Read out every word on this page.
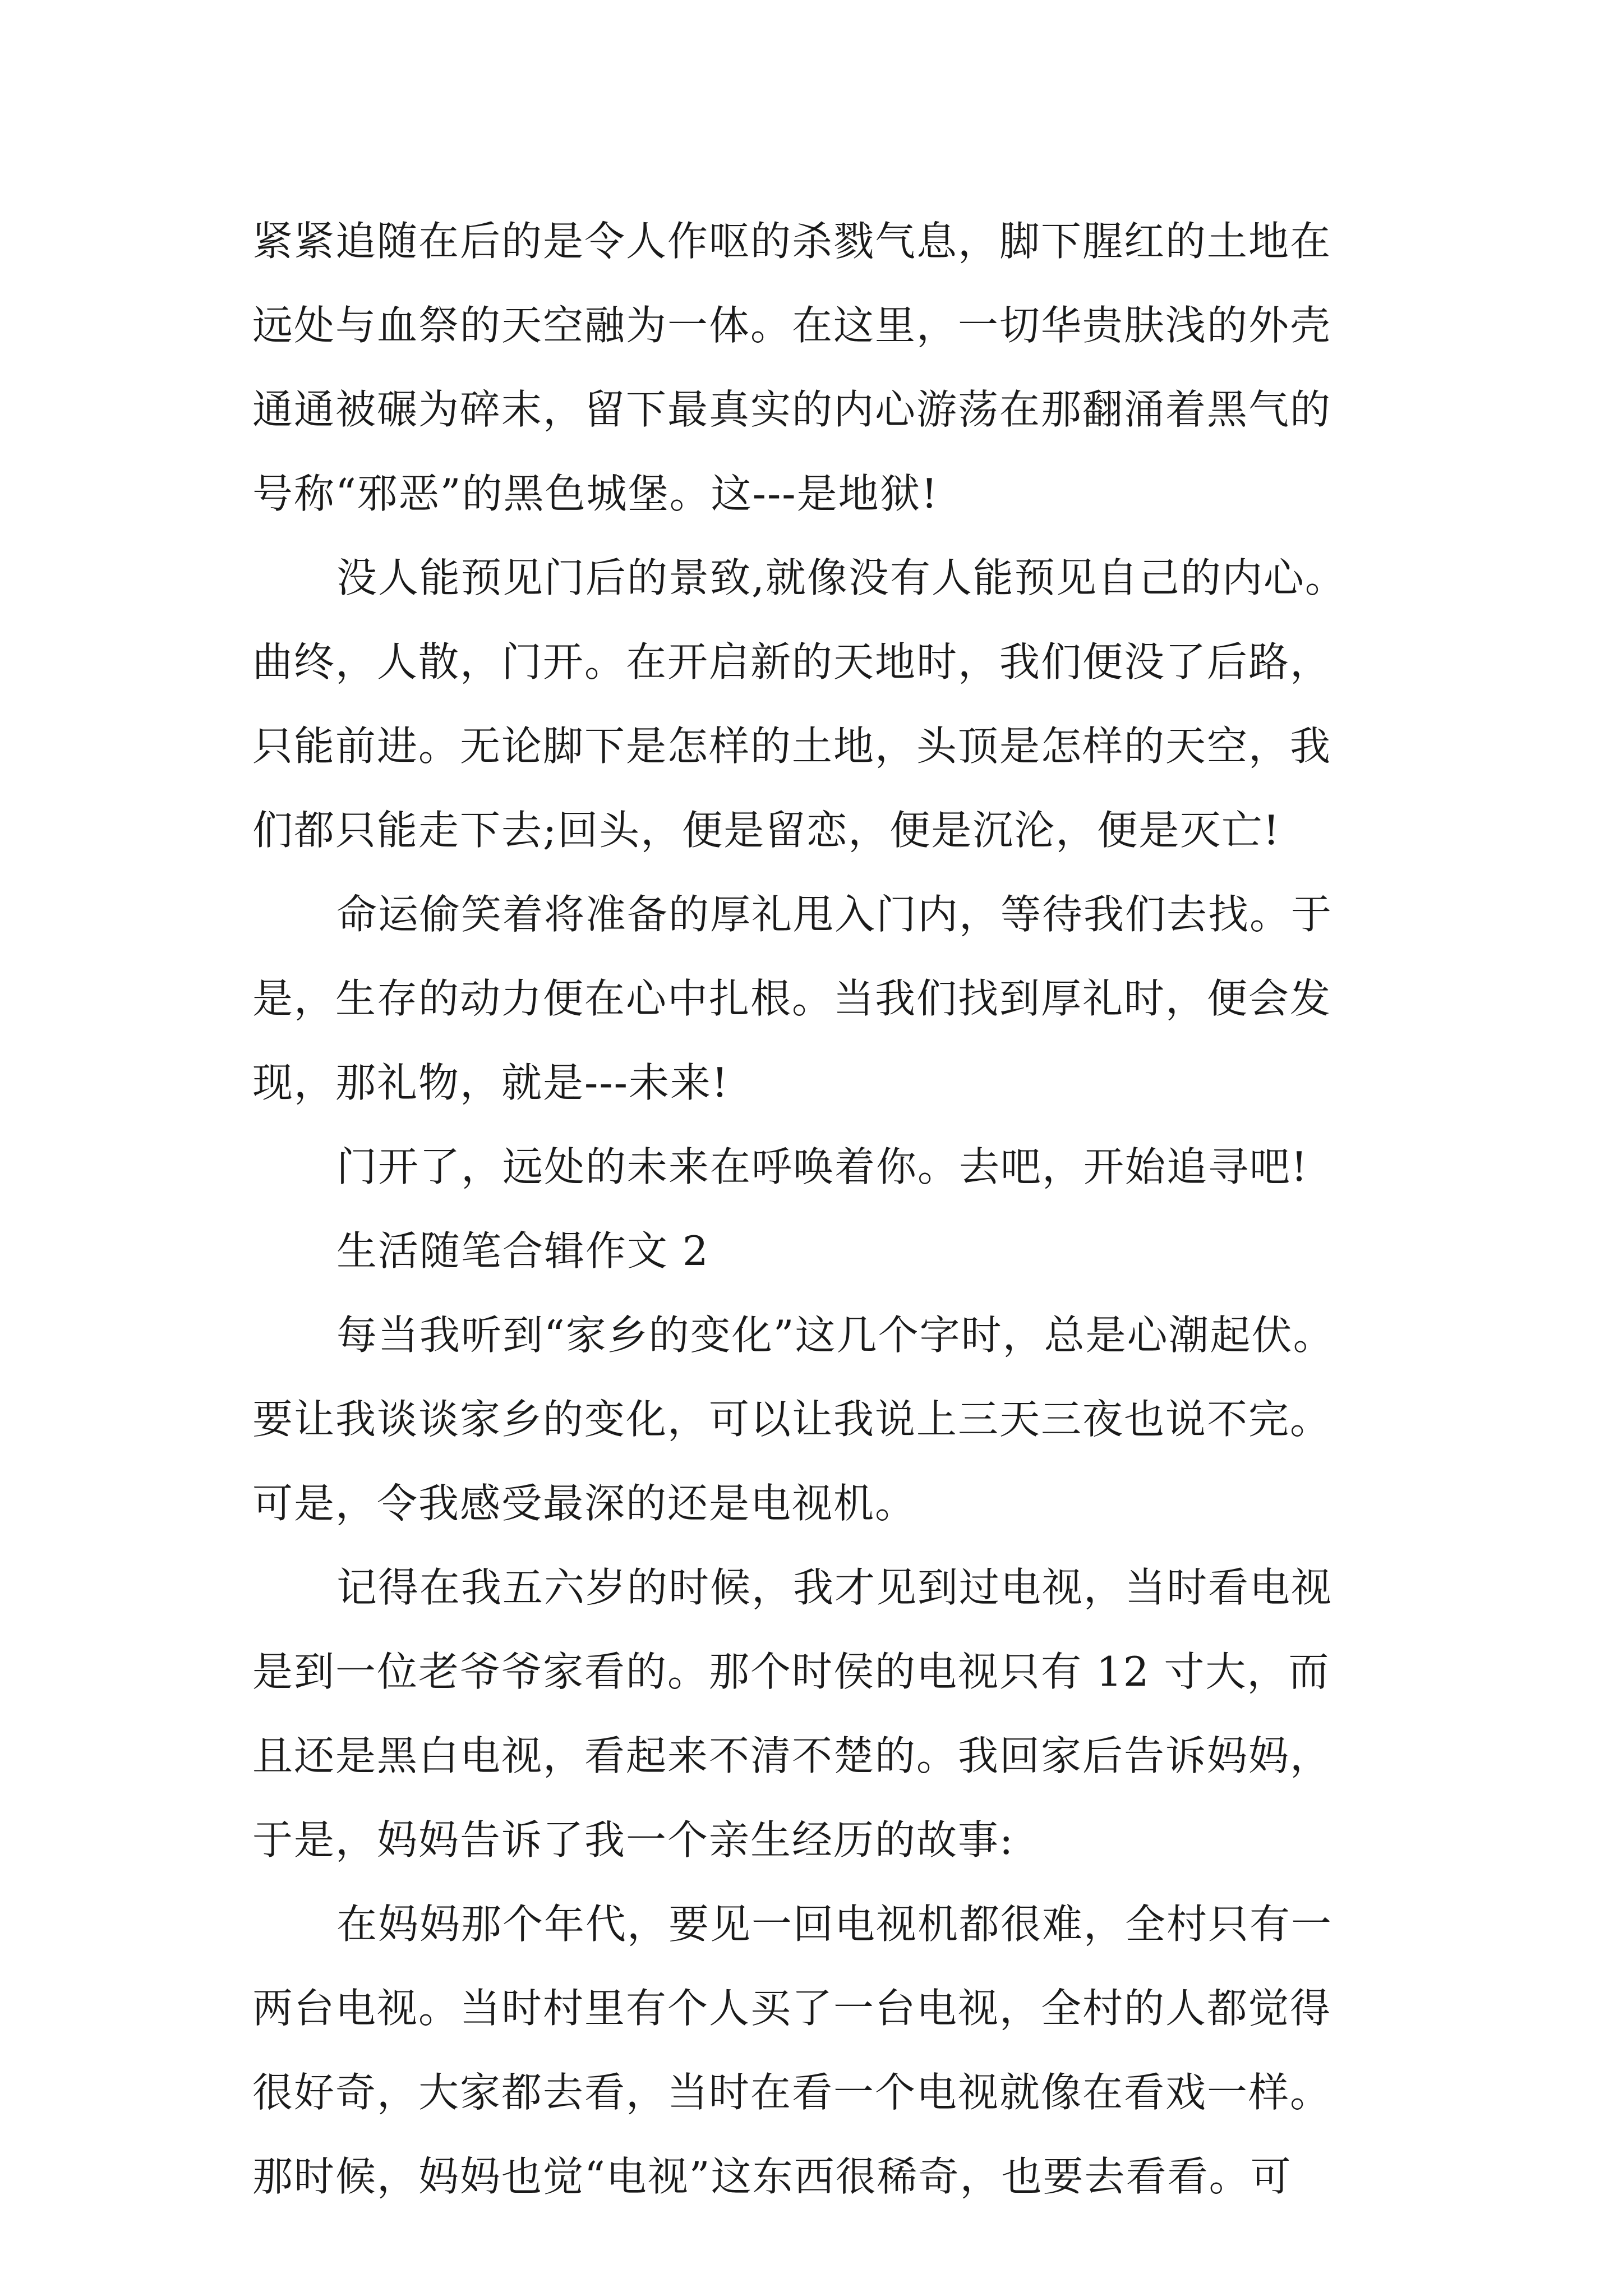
紧紧追随在后的是令人作呕的杀戮气息，脚下腥红的土地在
远处与血祭的天空融为一体。在这里，一切华贵肤浅的外壳
通通被碾为碎末，留下最真实的内心游荡在那翻涌着黑气的
号称“邪恶”的黑色城堡。这---是地狱!
没人能预见门后的景致,就像没有人能预见自己的内心。
曲终，人散，门开。在开启新的天地时，我们便没了后路，
只能前进。无论脚下是怎样的土地，头顶是怎样的天空，我
们都只能走下去;回头，便是留恋，便是沉沦，便是灭亡!
命运偷笑着将准备的厚礼甩入门内，等待我们去找。于
是，生存的动力便在心中扎根。当我们找到厚礼时，便会发
现，那礼物，就是---未来!
门开了，远处的未来在呼唤着你。去吧，开始追寻吧!
生活随笔合辑作文 2
每当我听到“家乡的变化”这几个字时，总是心潮起伏。
要让我谈谈家乡的变化，可以让我说上三天三夜也说不完。
可是，令我感受最深的还是电视机。
记得在我五六岁的时候，我才见到过电视，当时看电视
是到一位老爷爷家看的。那个时侯的电视只有 12 寸大，而
且还是黑白电视，看起来不清不楚的。我回家后告诉妈妈，
于是，妈妈告诉了我一个亲生经历的故事:
在妈妈那个年代，要见一回电视机都很难，全村只有一
两台电视。当时村里有个人买了一台电视，全村的人都觉得
很好奇，大家都去看，当时在看一个电视就像在看戏一样。
那时候，妈妈也觉“电视”这东西很稀奇，也要去看看。可
